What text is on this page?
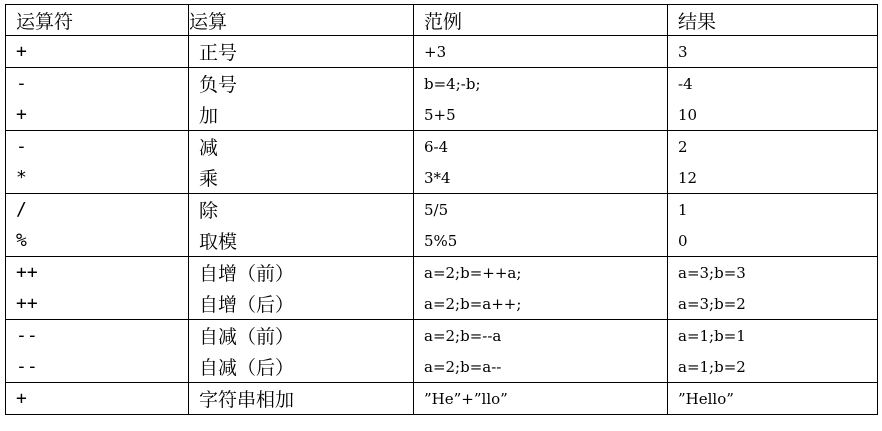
运算符	运算	范例	结果
+	正号	+3	3
-	负号	b=4;-b;	-4
+	加	5+5	10
-	减	6-4	2
*	乘	3*4	12
/	除	5/5	1
%	取模	5%5	0
++	自增（前）	a=2;b=++a;	a=3;b=3
++	自增（后）	a=2;b=a++;	a=3;b=2
--	自减（前）	a=2;b=--a	a=1;b=1
--	自减（后）	a=2;b=a--	a=1;b=2
+	字符串相加	”He”+”llo”	”Hello”
